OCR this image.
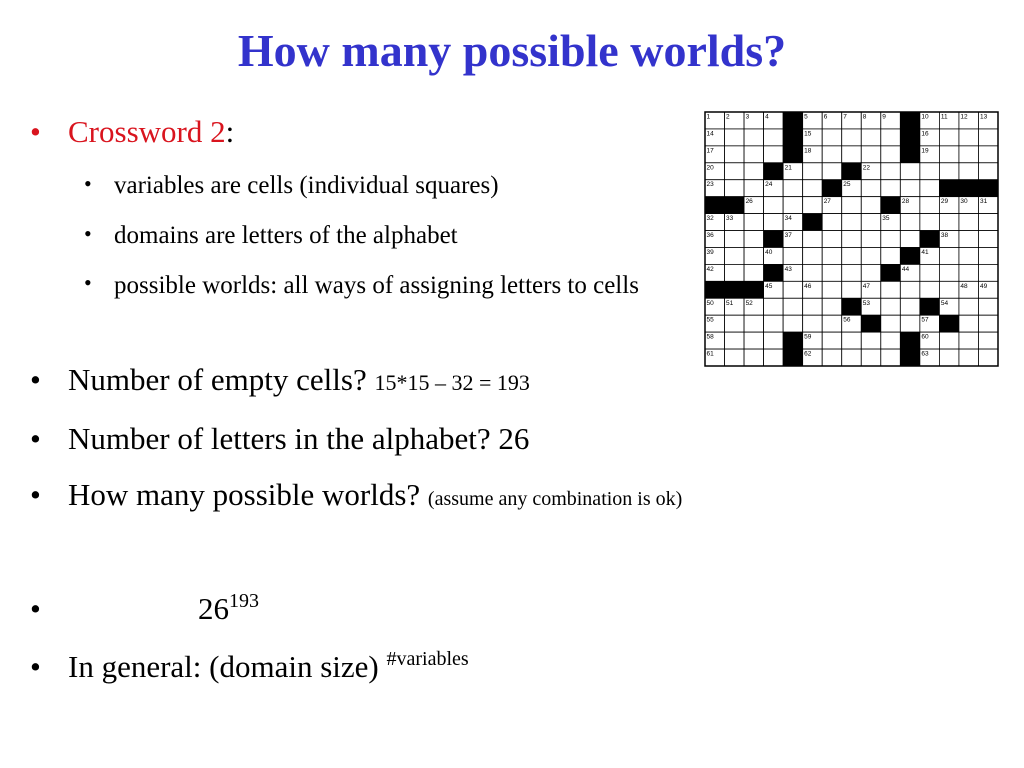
How many possible worlds?
• Crossword 2:
• variables are cells (individual squares)
• domains are letters of the alphabet
• possible worlds: all ways of assigning letters to cells
• Number of empty cells? 15*15 – 32 = 193
• Number of letters in the alphabet? 26
• How many possible worlds? (assume any combination is ok)
•	$26^{193}$
• In general: (domain size) $^{\#variables}$
1 2 3 4	5 6 7 8 9	10 11 12 13
14	15	16
17	18	19
20	21	22
23	24	25
26	27	28	29 30 31
32 33	34	35
36	37	38
39	40	41
42	43	44
45	46	47	48 49
50 51 52	53	54
55	56	57
58	59	60
61	62	63
